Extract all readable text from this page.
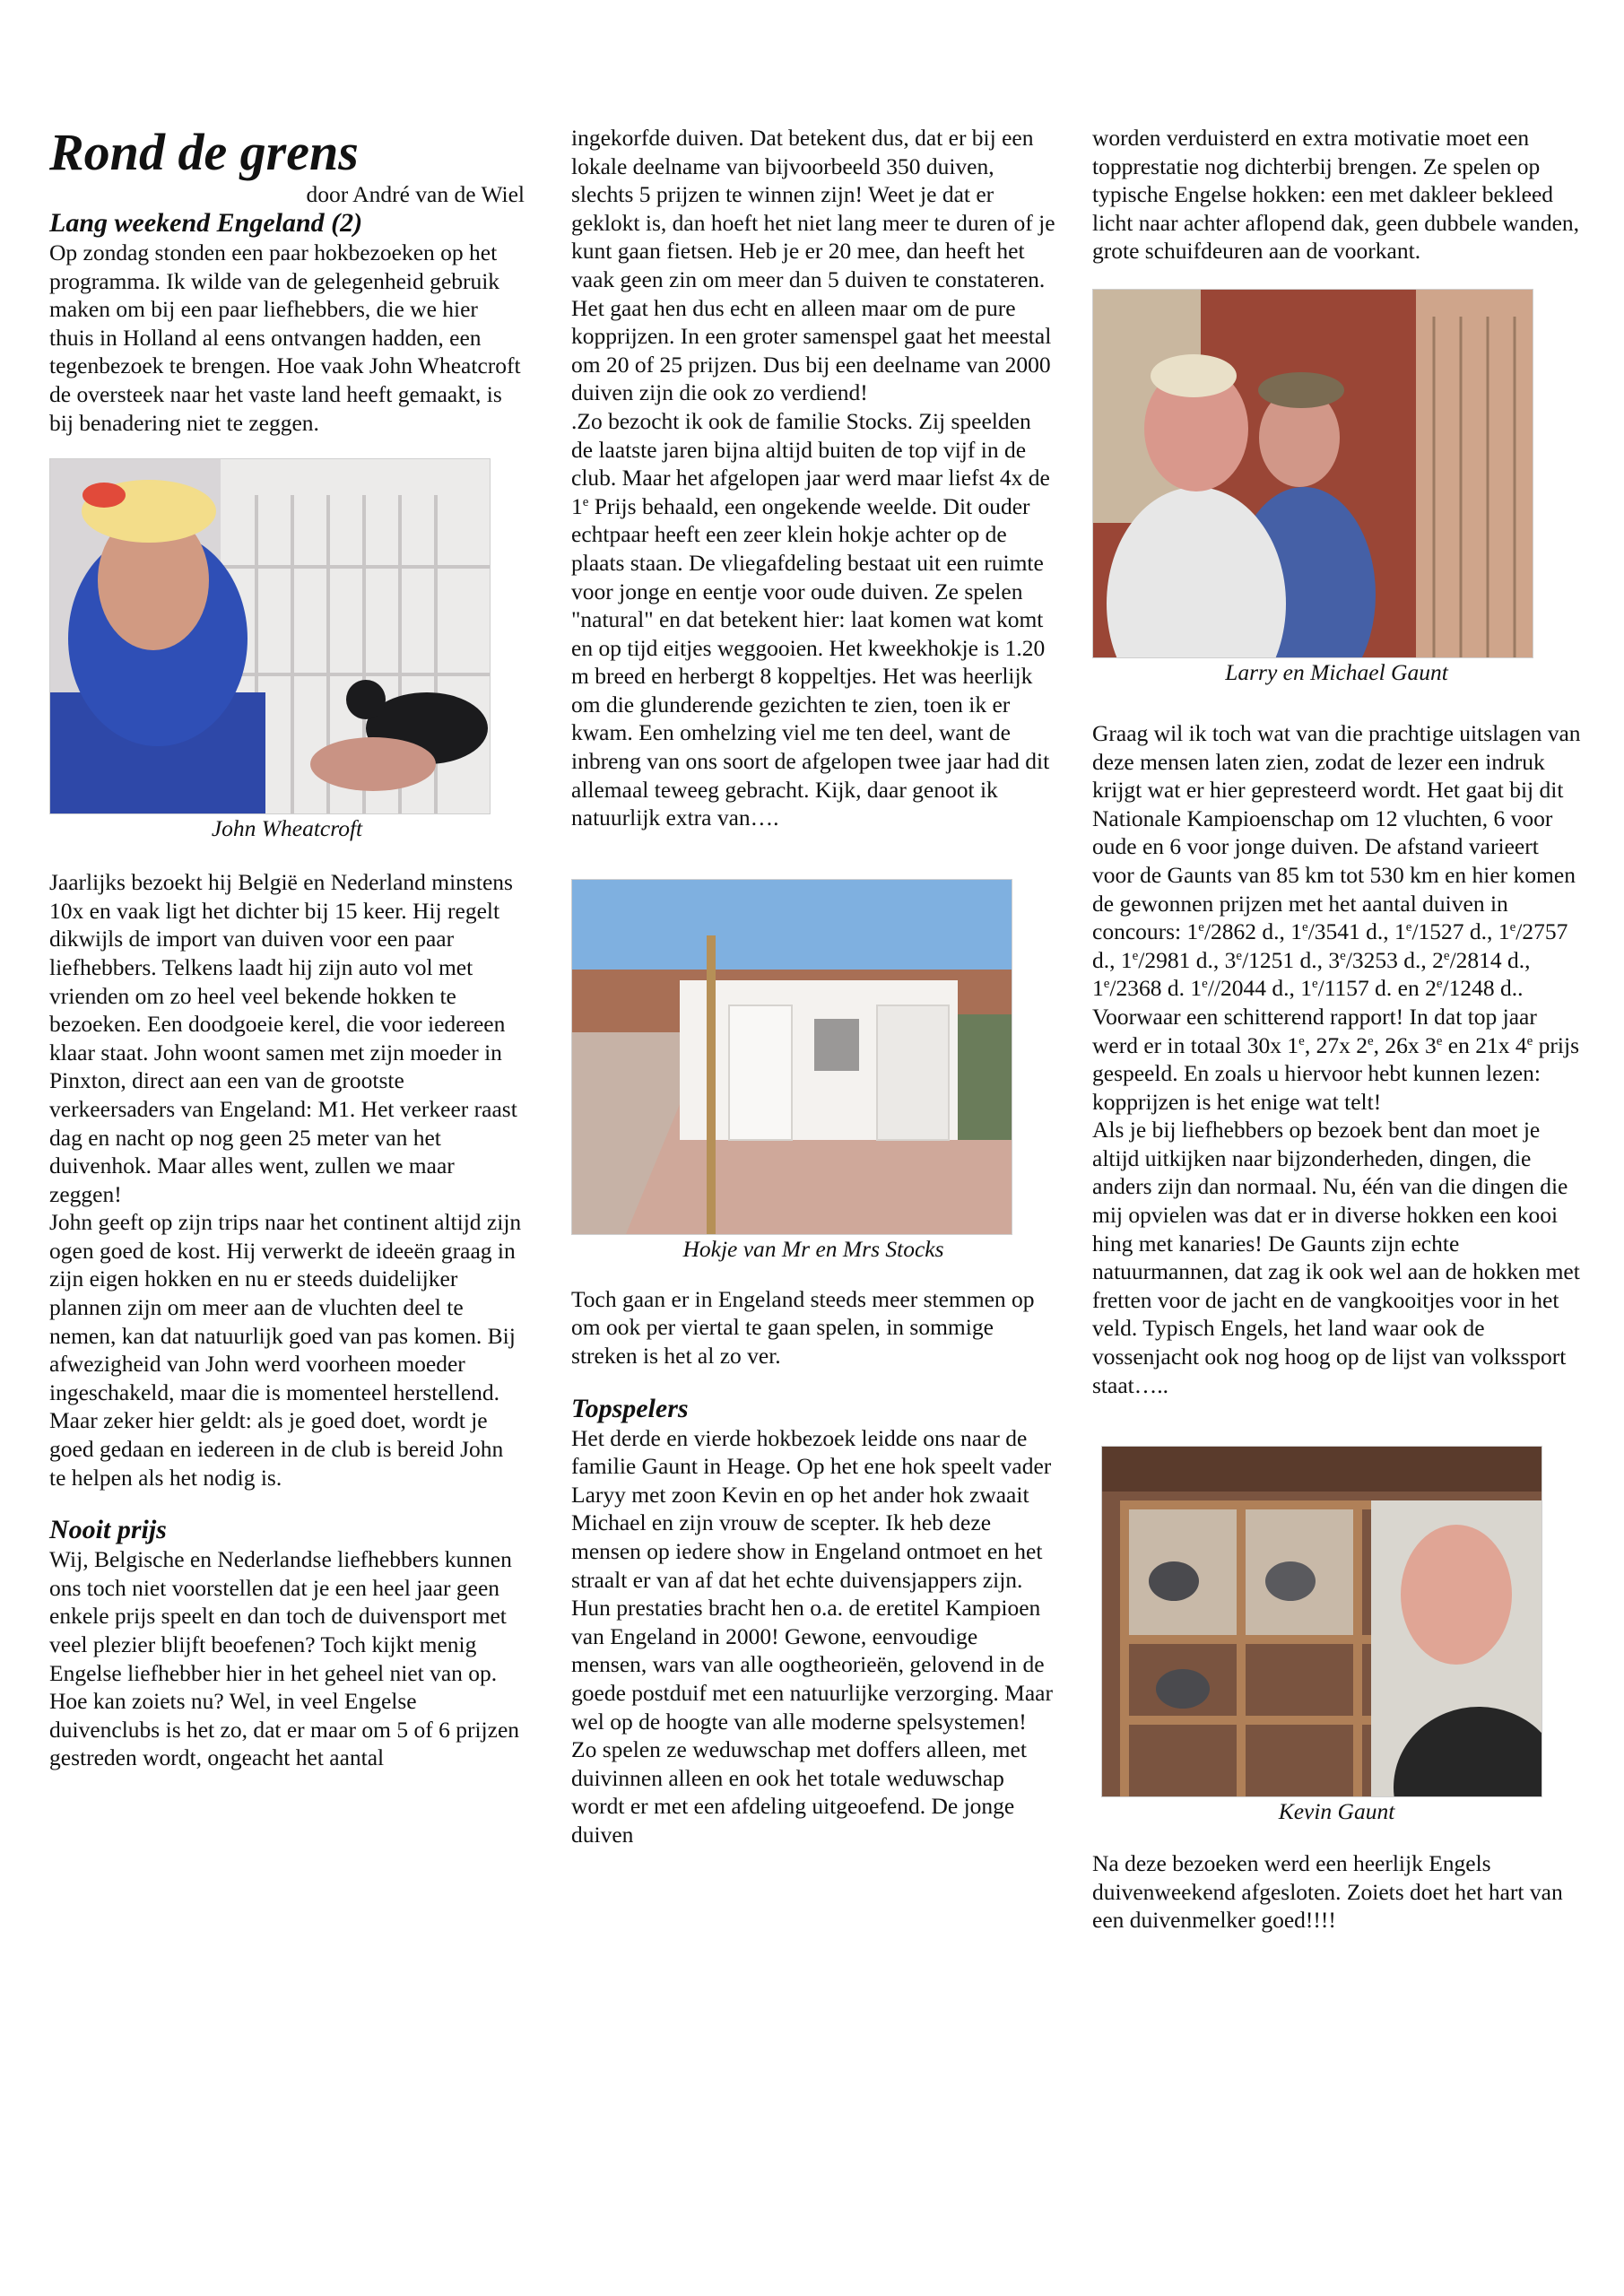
Rond de grens

door André van de Wiel

Lang weekend Engeland (2)

Op zondag stonden een paar hokbezoeken op het programma. Ik wilde van de gelegenheid gebruik maken om bij een paar liefhebbers, die we hier thuis in Holland al eens ontvangen hadden, een tegenbezoek te brengen. Hoe vaak John Wheatcroft de oversteek naar het vaste land heeft gemaakt, is bij benadering niet te zeggen.

John Wheatcroft

Jaarlijks bezoekt hij België en Nederland minstens 10x en vaak ligt het dichter bij 15 keer. Hij regelt dikwijls de import van duiven voor een paar liefhebbers. Telkens laadt hij zijn auto vol met vrienden om zo heel veel bekende hokken te bezoeken. Een doodgoeie kerel, die voor iedereen klaar staat. John woont samen met zijn moeder in Pinxton, direct aan een van de grootste verkeersaders van Engeland: M1. Het verkeer raast dag en nacht op nog geen 25 meter van het duivenhok. Maar alles went, zullen we maar zeggen!

John geeft op zijn trips naar het continent altijd zijn ogen goed de kost. Hij verwerkt de ideeën graag in zijn eigen hokken en nu er steeds duidelijker plannen zijn om meer aan de vluchten deel te nemen, kan dat natuurlijk goed van pas komen. Bij afwezigheid van John werd voorheen moeder ingeschakeld, maar die is momenteel herstellend. Maar zeker hier geldt: als je goed doet, wordt je goed gedaan en iedereen in de club is bereid John te helpen als het nodig is.

Nooit prijs

Wij, Belgische en Nederlandse liefhebbers kunnen ons toch niet voorstellen dat je een heel jaar geen enkele prijs speelt en dan toch de duivensport met veel plezier blijft beoefenen? Toch kijkt menig Engelse liefhebber hier in het geheel niet van op. Hoe kan zoiets nu? Wel, in veel Engelse duivenclubs is het zo, dat er maar om 5 of 6 prijzen gestreden wordt, ongeacht het aantal

ingekorfde duiven. Dat betekent dus, dat er bij een lokale deelname van bijvoorbeeld 350 duiven, slechts 5 prijzen te winnen zijn! Weet je dat er geklokt is, dan hoeft het niet lang meer te duren of je kunt gaan fietsen. Heb je er 20 mee, dan heeft het vaak geen zin om meer dan 5 duiven te constateren. Het gaat hen dus echt en alleen maar om de pure kopprijzen. In een groter samenspel gaat het meestal om 20 of 25 prijzen. Dus bij een deelname van 2000 duiven zijn die ook zo verdiend!

.Zo bezocht ik ook de familie Stocks. Zij speelden de laatste jaren bijna altijd buiten de top vijf in de club. Maar het afgelopen jaar werd maar liefst 4x de 1e Prijs behaald, een ongekende weelde. Dit ouder echtpaar heeft een zeer klein hokje achter op de plaats staan. De vliegafdeling bestaat uit een ruimte voor jonge en eentje voor oude duiven. Ze spelen "natural" en dat betekent hier: laat komen wat komt en op tijd eitjes weggooien. Het kweekhokje is 1.20 m breed en herbergt 8 koppeltjes. Het was heerlijk om die glunderende gezichten te zien, toen ik er kwam. Een omhelzing viel me ten deel, want de inbreng van ons soort de afgelopen twee jaar had dit allemaal teweeg gebracht. Kijk, daar genoot ik natuurlijk extra van….

Hokje van Mr en Mrs Stocks

Toch gaan er in Engeland steeds meer stemmen op om ook per viertal te gaan spelen, in sommige streken is het al zo ver.

Topspelers

Het derde en vierde hokbezoek leidde ons naar de familie Gaunt in Heage. Op het ene hok speelt vader Laryy met zoon Kevin en op het ander hok zwaait Michael en zijn vrouw de scepter. Ik heb deze mensen op iedere show in Engeland ontmoet en het straalt er van af dat het echte duivensjappers zijn. Hun prestaties bracht hen o.a. de eretitel Kampioen van Engeland in 2000! Gewone, eenvoudige mensen, wars van alle oogtheorieën, gelovend in de goede postduif met een natuurlijke verzorging. Maar wel op de hoogte van alle moderne spelsystemen! Zo spelen ze weduwschap met doffers alleen, met duivinnen alleen en ook het totale weduwschap wordt er met een afdeling uitgeoefend. De jonge duiven

worden verduisterd en extra motivatie moet een topprestatie nog dichterbij brengen. Ze spelen op typische Engelse hokken: een met dakleer bekleed licht naar achter aflopend dak, geen dubbele wanden, grote schuifdeuren aan de voorkant.

Larry en Michael Gaunt

Graag wil ik toch wat van die prachtige uitslagen van deze mensen laten zien, zodat de lezer een indruk krijgt wat er hier gepresteerd wordt. Het gaat bij dit Nationale Kampioenschap om 12 vluchten, 6 voor oude en 6 voor jonge duiven. De afstand varieert voor de Gaunts van 85 km tot 530 km en hier komen de gewonnen prijzen met het aantal duiven in concours: 1e/2862 d., 1e/3541 d., 1e/1527 d., 1e/2757 d., 1e/2981 d., 3e/1251 d., 3e/3253 d., 2e/2814 d., 1e/2368 d. 1e//2044 d., 1e/1157 d. en 2e/1248 d.. Voorwaar een schitterend rapport! In dat top jaar werd er in totaal 30x 1e, 27x 2e, 26x 3e en 21x 4e prijs gespeeld. En zoals u hiervoor hebt kunnen lezen: kopprijzen is het enige wat telt!

Als je bij liefhebbers op bezoek bent dan moet je altijd uitkijken naar bijzonderheden, dingen, die anders zijn dan normaal. Nu, één van die dingen die mij opvielen was dat er in diverse hokken een kooi hing met kanaries! De Gaunts zijn echte natuurmannen, dat zag ik ook wel aan de hokken met fretten voor de jacht en de vangkooitjes voor in het veld. Typisch Engels, het land waar ook de vossenjacht ook nog hoog op de lijst van volkssport staat…..

Kevin Gaunt

Na deze bezoeken werd een heerlijk Engels duivenweekend afgesloten. Zoiets doet het hart van een duivenmelker goed!!!!
